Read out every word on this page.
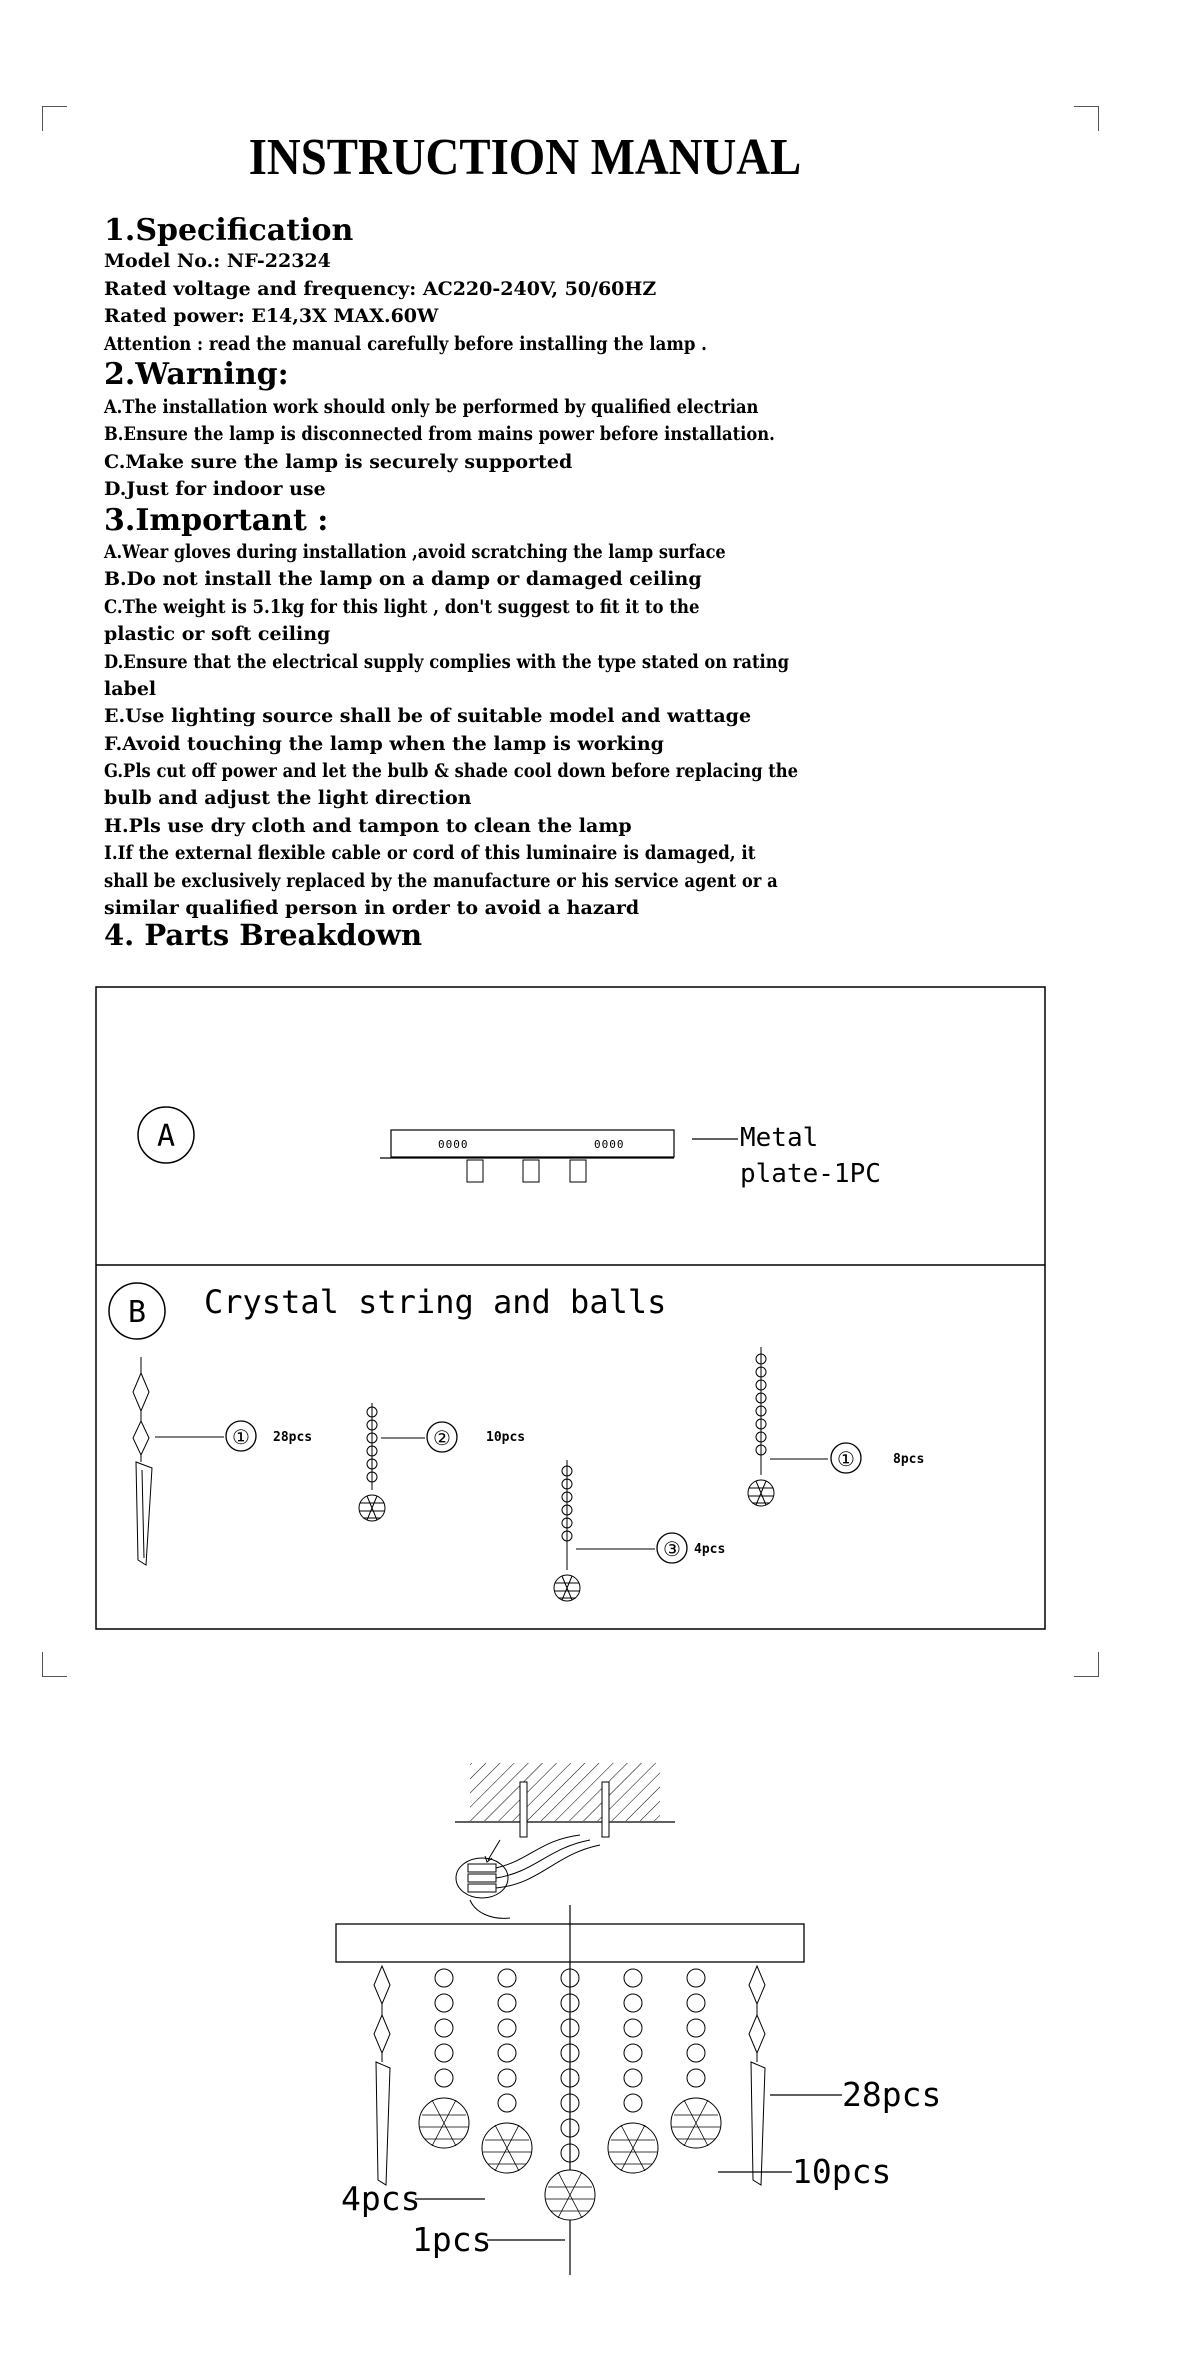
INSTRUCTION MANUAL
1.Specification
Model No.: NF-22324
Rated voltage and frequency: AC220-240V, 50/60HZ
Rated power: E14,3X MAX.60W
Attention : read the manual carefully before installing the lamp .
2.Warning:
A.The installation work should only be performed by qualified electrian
B.Ensure the lamp is disconnected from mains power before installation.
C.Make sure the lamp is securely supported
D.Just for indoor use
3.Important :
A.Wear gloves during installation ,avoid scratching the lamp surface
B.Do not install the lamp on a damp or damaged ceiling
C.The weight is 5.1kg for this light , don't suggest to fit it to the
plastic or soft ceiling
D.Ensure that the electrical supply complies with the type stated on rating
label
E.Use lighting source shall be of suitable model and wattage
F.Avoid touching the lamp when the lamp is working
G.Pls cut off power and let the bulb & shade cool down before replacing the
bulb and adjust the light direction
H.Pls use dry cloth and tampon to clean the lamp
I.If the external flexible cable or cord of this luminaire is damaged, it
shall be exclusively replaced by the manufacture or his service agent or a
similar qualified person in order to avoid a hazard
4. Parts Breakdown
A	0000	0000	Metal
plate-1PC
B Crystal string and balls
① 28pcs	②	10pcs
③ 4pcs
①	8pcs
28pcs
10pcs
4pcs
1pcs
